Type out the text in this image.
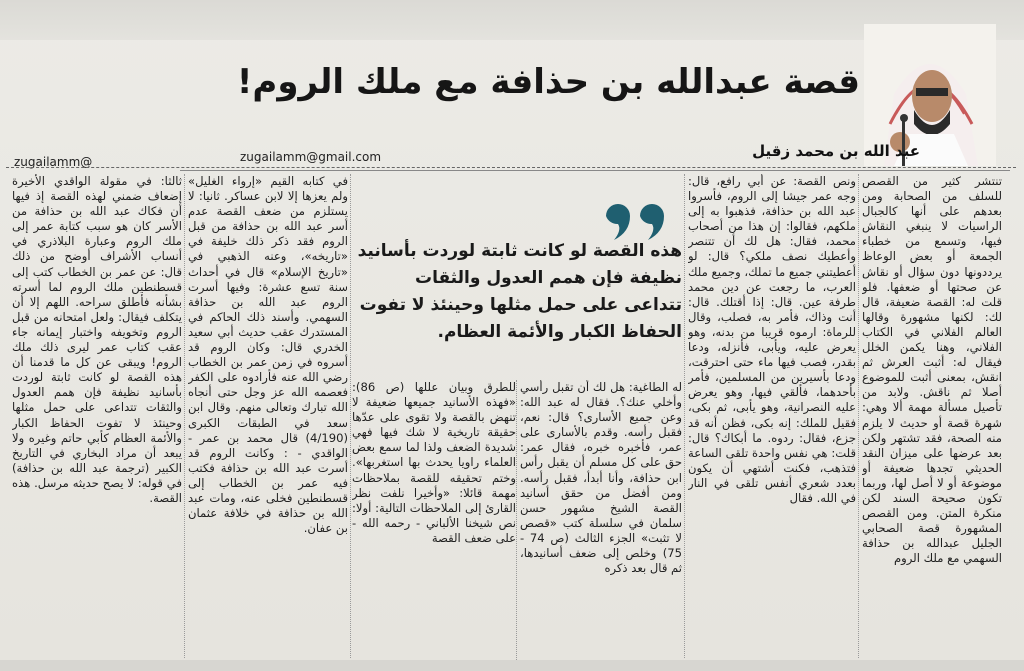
قصة عبدالله بن حذافة مع ملك الروم!
عبد الله بن محمد زقيل
zugailamm@gmail.com
zugailamm@

تنتشر كثير من القصص للسلف من الصحابة ومن بعدهم على أنها كالجبال الراسيات لا ينبغي النقاش فيها، وتسمع من خطباء الجمعة أو بعض الوعاظ يرددونها دون سؤال أو نقاش عن صحتها أو ضعفها. فلو قلت له: القصة ضعيفة، قال لك: لكنها مشهورة وقالها العالم الفلاني في الكتاب الفلاني، وهنا يكمن الخلل فيقال له: أثبت العرش ثم انقش، بمعنى أثبت للموضوع أصلا ثم ناقش. ولابد من تأصيل مسألة مهمة ألا وهي: شهرة قصة أو حديث لا يلزم منه الصحة، فقد تشتهر ولكن بعد عرضها على ميزان النقد الحديثي تجدها ضعيفة أو موضوعة أو لا أصل لها، وربما تكون صحيحة السند لكن منكرة المتن. ومن القصص المشهورة قصة الصحابي الجليل عبدالله بن حذافة السهمي مع ملك الروم

ونص القصة: عن أبي رافع، قال: وجه عمر جيشا إلى الروم، فأسروا عبد الله بن حذافة، فذهبوا به إلى ملكهم، فقالوا: إن هذا من أصحاب محمد، فقال: هل لك أن تتنصر وأعطيك نصف ملكي؟ قال: لو أعطيتني جميع ما تملك، وجميع ملك العرب، ما رجعت عن دين محمد طرفة عين. قال: إذا أقتلك. قال: أنت وذاك، فأمر به، فصلب، وقال للرماة: ارموه قريبا من بدنه، وهو يعرض عليه، ويأبى، فأنزله، ودعا بقدر، فصب فيها ماء حتى احترقت، ودعا بأسيرين من المسلمين، فأمر بأحدهما، فألقي فيها، وهو يعرض عليه النصرانية، وهو يأبى، ثم بكى، فقيل للملك: إنه بكى، فظن أنه قد جزع، فقال: ردوه. ما أبكاك؟ قال: قلت: هي نفس واحدة تلقى الساعة فتذهب، فكنت أشتهي أن يكون بعدد شعري أنفس تلقى في النار في الله. فقال

له الطاغية: هل لك أن تقبل رأسي وأخلي عنك؟. فقال له عبد الله: وعن جميع الأسارى؟ قال: نعم، فقبل رأسه. وقدم بالأسارى على عمر، فأخبره خبره، فقال عمر: حق على كل مسلم أن يقبل رأس ابن حذافة، وأنا أبدأ، فقبل رأسه. ومن أفضل من حقق أسانيد القصة الشيخ مشهور حسن سلمان في سلسلة كتب «قصص لا تثبت» الجزء الثالث (ص 74 - 75) وخلص إلى ضعف أسانيدها، ثم قال بعد ذكره

للطرق وبيان عللها (ص 86): «فهذه الأسانيد جميعها ضعيفة لا تنهض بالقصة ولا تقوى على عدّها حقيقة تاريخية لا شك فيها فهي شديدة الضعف ولذا لما سمع بعض العلماء راويا يحدث بها استغربها». وختم تحقيقه للقصة بملاحظات مهمة قائلا: «وأخيرا نلفت نظر القارئ إلى الملاحظات التالية: أولا: نص شيخنا الألباني - رحمه الله - على ضعف القصة

في كتابه القيم «إرواء الغليل» ولم يعزها إلا لابن عساكر. ثانيا: لا يستلزم من ضعف القصة عدم أسر عبد الله بن حذافة من قبل الروم فقد ذكر ذلك خليفة في «تاريخه»، وعنه الذهبي في «تاريخ الإسلام» قال في أحداث سنة تسع عشرة: وفيها أسرت الروم عبد الله بن حذافة السهمي. وأسند ذلك الحاكم في المستدرك عقب حديث أبي سعيد الخدري قال: وكان الروم قد أسروه في زمن عمر بن الخطاب رضي الله عنه فأرادوه على الكفر فعصمه الله عز وجل حتى أنجاه الله تبارك وتعالى منهم. وقال ابن سعد في الطبقات الكبرى (4/190) قال محمد بن عمر - الواقدي - : وكانت الروم قد أسرت عبد الله بن حذافة فكتب فيه عمر بن الخطاب إلى قسطنطين فخلى عنه، ومات عبد الله بن حذافة في خلافة عثمان بن عفان.

ثالثا: في مقولة الواقدي الأخيرة إضعاف ضمني لهذه القصة إذ فيها أن فكاك عبد الله بن حذافة من الأسر كان هو سبب كتابة عمر إلى ملك الروم وعبارة البلاذري في أنساب الأشراف أوضح من ذلك قال: عن عمر بن الخطاب كتب إلى قسطنطين ملك الروم لما أسرته بشأنه فأطلق سراحه. اللهم إلا أن يتكلف فيقال: ولعل امتحانه من قبل الروم وتخويفه واختبار إيمانه جاء عقب كتاب عمر ليرى ذلك ملك الروم! ويبقى عن كل ما قدمنا أن هذه القصة لو كانت ثابتة لوردت بأسانيد نظيفة فإن همم العدول والثقات تتداعى على حمل مثلها وحينئذ لا تفوت الحفاظ الكبار والأئمة العظام كأبي حاتم وغيره ولا يبعد أن مراد البخاري في التاريخ الكبير (ترجمة عبد الله بن حذافة) في قوله: لا يصح حديثه مرسل. هذه القصة.

هذه القصة لو كانت ثابتة لوردت بأسانيد نظيفة فإن همم العدول والثقات تتداعى على حمل مثلها وحينئذ لا تفوت الحفاظ الكبار والأئمة العظام.
